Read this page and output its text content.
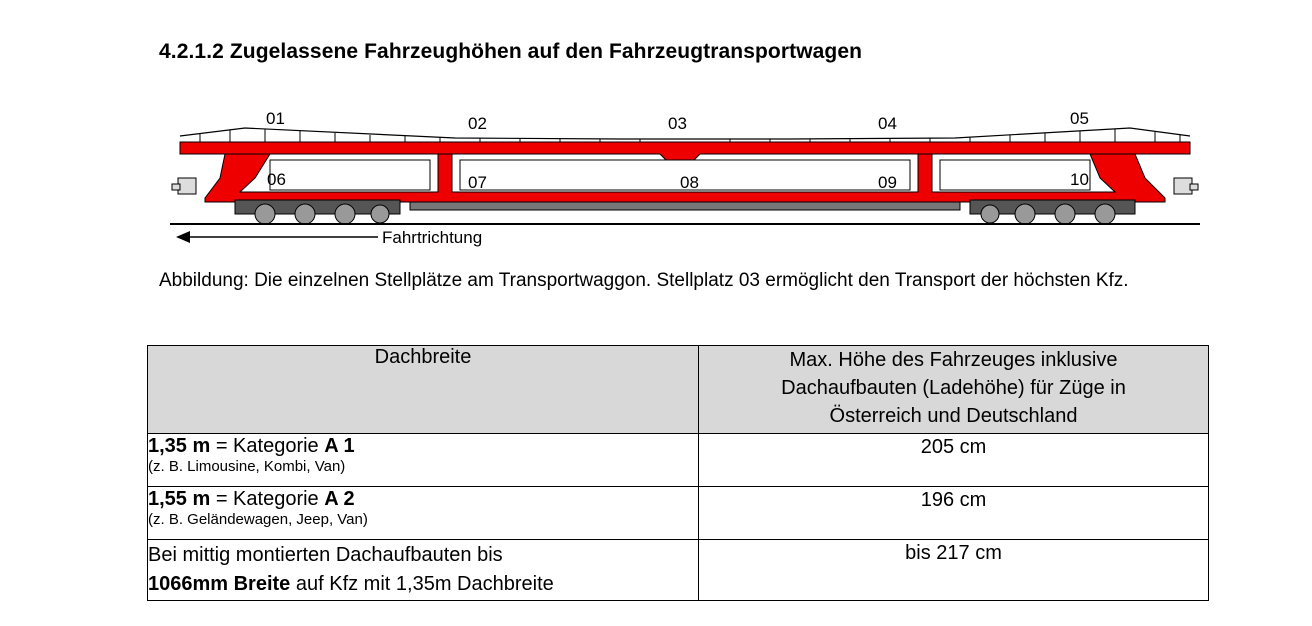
4.2.1.2 Zugelassene Fahrzeughöhen auf den Fahrzeugtransportwagen
01	02	03	04	05
06	07	08	09	10
Fahrtrichtung

Abbildung: Die einzelnen Stellplätze am Transportwaggon. Stellplatz 03 ermöglicht den Transport der höchsten Kfz.

Dachbreite	Max. Höhe des Fahrzeuges inklusive
Dachaufbauten (Ladehöhe) für Züge in
Österreich und Deutschland
1,35 m = Kategorie A 1
(z. B. Limousine, Kombi, Van)	205 cm
1,55 m = Kategorie A 2
(z. B. Geländewagen, Jeep, Van)	196 cm
Bei mittig montierten Dachaufbauten bis
1066mm Breite auf Kfz mit 1,35m Dachbreite	bis 217 cm
